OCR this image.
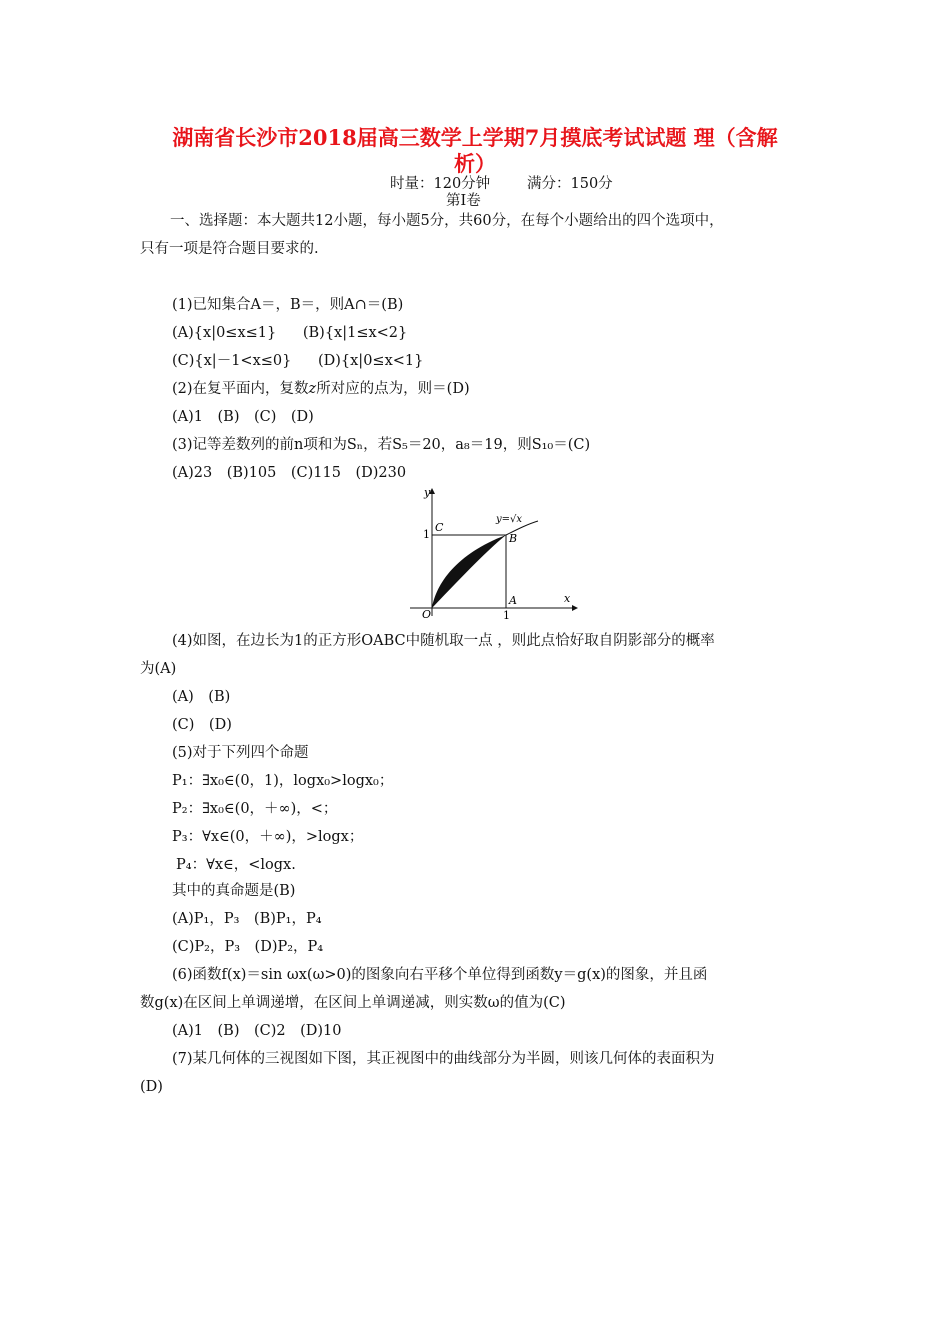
湖南省长沙市2018届高三数学上学期7月摸底考试试题 理（含解
析）
时量：120分钟	满分：150分
第Ⅰ卷
一、选择题：本大题共12小题，每小题5分，共60分，在每个小题给出的四个选项中，
只有一项是符合题目要求的.
(1)已知集合A＝，B＝，则A∩＝(B)
(A){x|0≤x≤1} (B){x|1≤x<2}
(C){x|－1<x≤0} (D){x|0≤x<1}
(2)在复平面内，复数z所对应的点为，则＝(D)
(A)1　(B)　(C)　(D)
(3)记等差数列的前n项和为Sₙ，若S₅＝20，a₈＝19，则S₁₀＝(C)
(A)23　(B)105　(C)115　(D)230
y
x
O
C
B
A
1
1
y=√x
(4)如图，在边长为1的正方形OABC中随机取一点 ，则此点恰好取自阴影部分的概率
为(A)
(A)　(B)
(C)　(D)
(5)对于下列四个命题
P₁：∃x₀∈(0，1)，logx₀>logx₀；
P₂：∃x₀∈(0，＋∞)，<；
P₃：∀x∈(0，＋∞)，>logx；
P₄：∀x∈，<logx.
其中的真命题是(B)
(A)P₁，P₃　(B)P₁，P₄
(C)P₂，P₃　(D)P₂，P₄
(6)函数f(x)＝sin ωx(ω>0)的图象向右平移个单位得到函数y＝g(x)的图象，并且函
数g(x)在区间上单调递增，在区间上单调递减，则实数ω的值为(C)
(A)1　(B)　(C)2　(D)10
(7)某几何体的三视图如下图，其正视图中的曲线部分为半圆，则该几何体的表面积为
(D)
